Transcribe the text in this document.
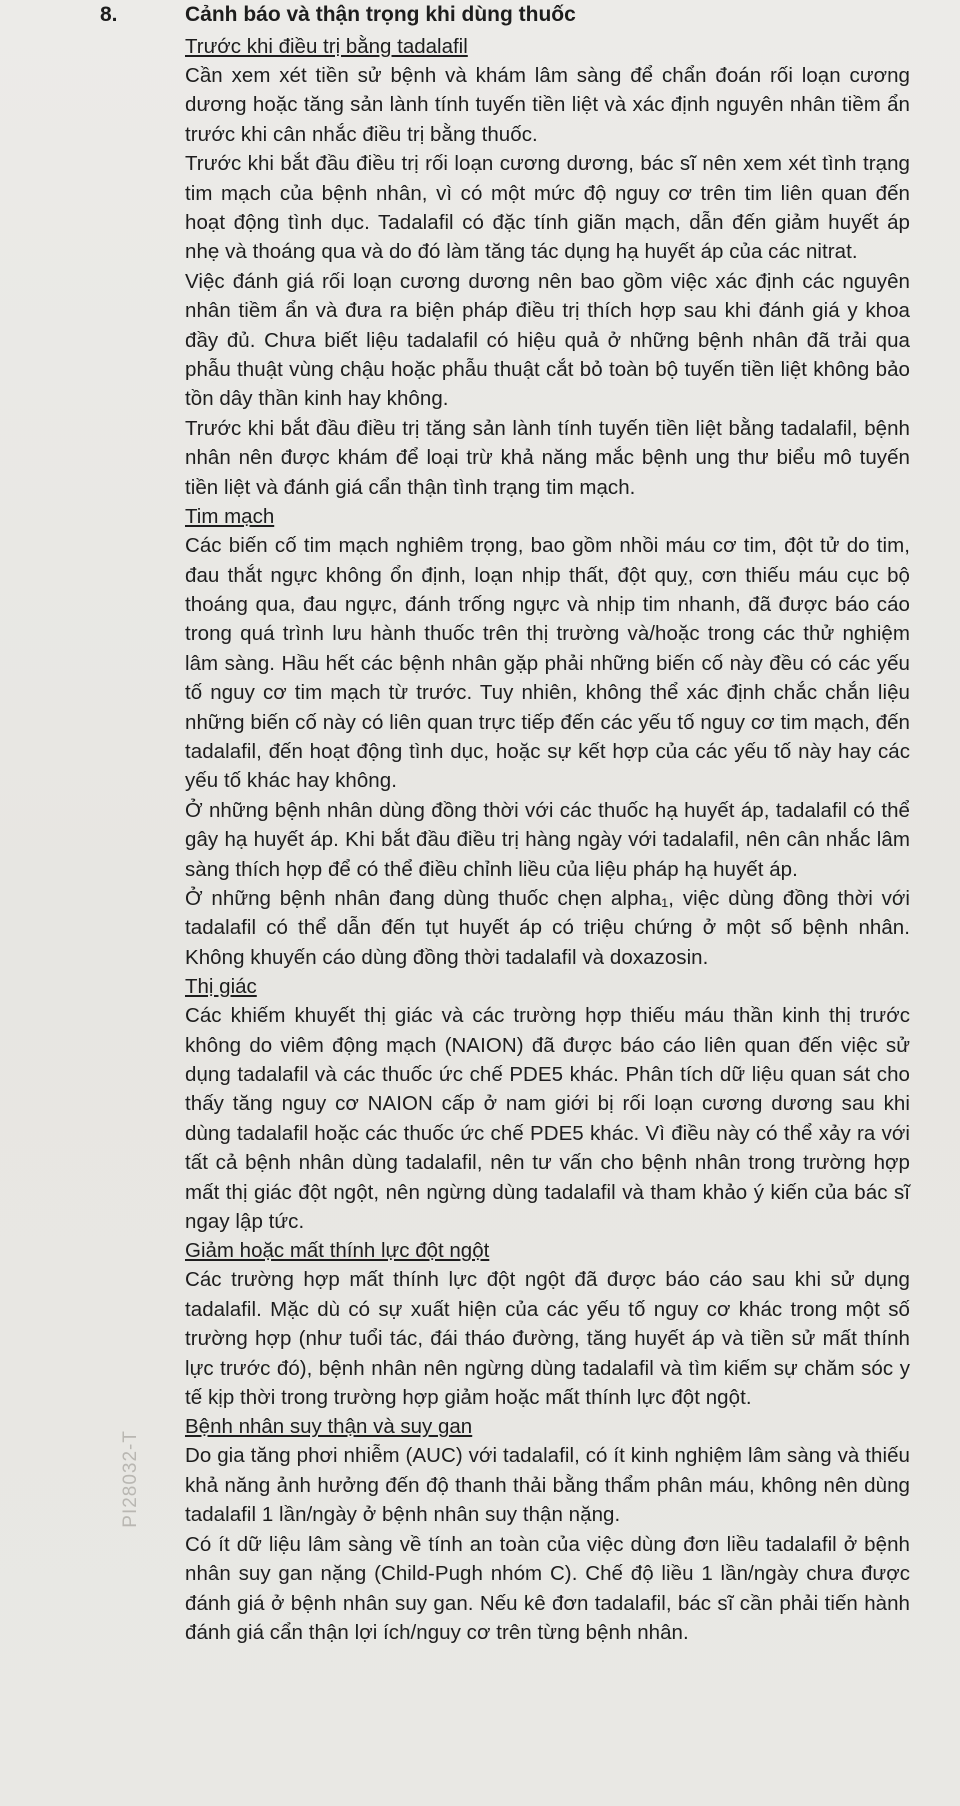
8.	Cảnh báo và thận trọng khi dùng thuốc

Trước khi điều trị bằng tadalafil

Cần xem xét tiền sử bệnh và khám lâm sàng để chẩn đoán rối loạn cương dương hoặc tăng sản lành tính tuyến tiền liệt và xác định nguyên nhân tiềm ẩn trước khi cân nhắc điều trị bằng thuốc.

Trước khi bắt đầu điều trị rối loạn cương dương, bác sĩ nên xem xét tình trạng tim mạch của bệnh nhân, vì có một mức độ nguy cơ trên tim liên quan đến hoạt động tình dục. Tadalafil có đặc tính giãn mạch, dẫn đến giảm huyết áp nhẹ và thoáng qua và do đó làm tăng tác dụng hạ huyết áp của các nitrat.

Việc đánh giá rối loạn cương dương nên bao gồm việc xác định các nguyên nhân tiềm ẩn và đưa ra biện pháp điều trị thích hợp sau khi đánh giá y khoa đầy đủ. Chưa biết liệu tadalafil có hiệu quả ở những bệnh nhân đã trải qua phẫu thuật vùng chậu hoặc phẫu thuật cắt bỏ toàn bộ tuyến tiền liệt không bảo tồn dây thần kinh hay không.

Trước khi bắt đầu điều trị tăng sản lành tính tuyến tiền liệt bằng tadalafil, bệnh nhân nên được khám để loại trừ khả năng mắc bệnh ung thư biểu mô tuyến tiền liệt và đánh giá cẩn thận tình trạng tim mạch.

Tim mạch

Các biến cố tim mạch nghiêm trọng, bao gồm nhồi máu cơ tim, đột tử do tim, đau thắt ngực không ổn định, loạn nhịp thất, đột quỵ, cơn thiếu máu cục bộ thoáng qua, đau ngực, đánh trống ngực và nhịp tim nhanh, đã được báo cáo trong quá trình lưu hành thuốc trên thị trường và/hoặc trong các thử nghiệm lâm sàng. Hầu hết các bệnh nhân gặp phải những biến cố này đều có các yếu tố nguy cơ tim mạch từ trước. Tuy nhiên, không thể xác định chắc chắn liệu những biến cố này có liên quan trực tiếp đến các yếu tố nguy cơ tim mạch, đến tadalafil, đến hoạt động tình dục, hoặc sự kết hợp của các yếu tố này hay các yếu tố khác hay không.

Ở những bệnh nhân dùng đồng thời với các thuốc hạ huyết áp, tadalafil có thể gây hạ huyết áp. Khi bắt đầu điều trị hàng ngày với tadalafil, nên cân nhắc lâm sàng thích hợp để có thể điều chỉnh liều của liệu pháp hạ huyết áp.

Ở những bệnh nhân đang dùng thuốc chẹn alpha₁, việc dùng đồng thời với tadalafil có thể dẫn đến tụt huyết áp có triệu chứng ở một số bệnh nhân. Không khuyến cáo dùng đồng thời tadalafil và doxazosin.

Thị giác

Các khiếm khuyết thị giác và các trường hợp thiếu máu thần kinh thị trước không do viêm động mạch (NAION) đã được báo cáo liên quan đến việc sử dụng tadalafil và các thuốc ức chế PDE5 khác. Phân tích dữ liệu quan sát cho thấy tăng nguy cơ NAION cấp ở nam giới bị rối loạn cương dương sau khi dùng tadalafil hoặc các thuốc ức chế PDE5 khác. Vì điều này có thể xảy ra với tất cả bệnh nhân dùng tadalafil, nên tư vấn cho bệnh nhân trong trường hợp mất thị giác đột ngột, nên ngừng dùng tadalafil và tham khảo ý kiến của bác sĩ ngay lập tức.

Giảm hoặc mất thính lực đột ngột

Các trường hợp mất thính lực đột ngột đã được báo cáo sau khi sử dụng tadalafil. Mặc dù có sự xuất hiện của các yếu tố nguy cơ khác trong một số trường hợp (như tuổi tác, đái tháo đường, tăng huyết áp và tiền sử mất thính lực trước đó), bệnh nhân nên ngừng dùng tadalafil và tìm kiếm sự chăm sóc y tế kịp thời trong trường hợp giảm hoặc mất thính lực đột ngột.

Bệnh nhân suy thận và suy gan

Do gia tăng phơi nhiễm (AUC) với tadalafil, có ít kinh nghiệm lâm sàng và thiếu khả năng ảnh hưởng đến độ thanh thải bằng thẩm phân máu, không nên dùng tadalafil 1 lần/ngày ở bệnh nhân suy thận nặng.

Có ít dữ liệu lâm sàng về tính an toàn của việc dùng đơn liều tadalafil ở bệnh nhân suy gan nặng (Child-Pugh nhóm C). Chế độ liều 1 lần/ngày chưa được đánh giá ở bệnh nhân suy gan. Nếu kê đơn tadalafil, bác sĩ cần phải tiến hành đánh giá cẩn thận lợi ích/nguy cơ trên từng bệnh nhân.

PI28032-T
